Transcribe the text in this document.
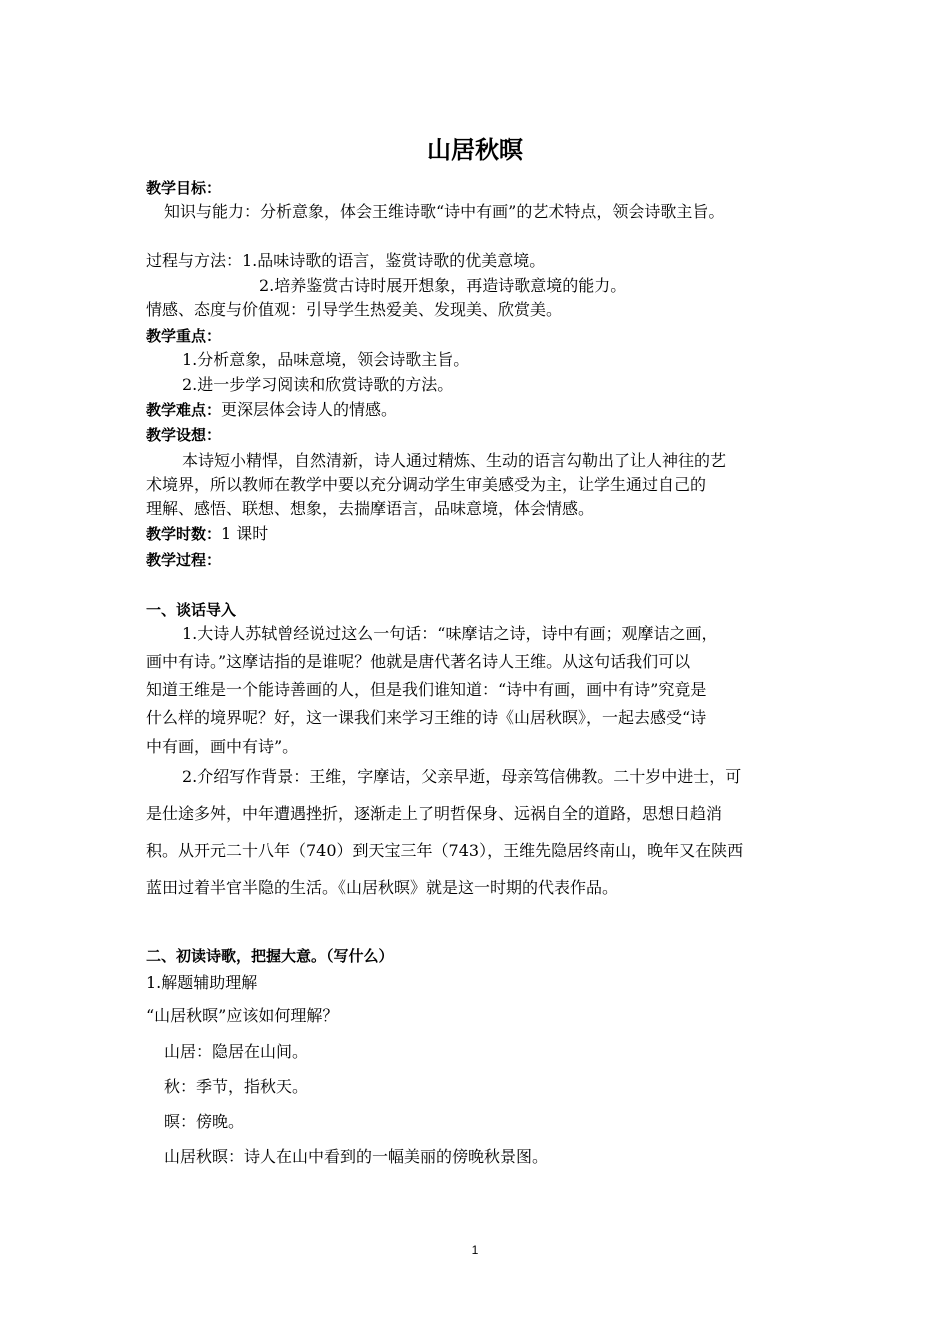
山居秋暝
教学目标：
知识与能力：分析意象，体会王维诗歌“诗中有画”的艺术特点，领会诗歌主旨。
过程与方法：1.品味诗歌的语言，鉴赏诗歌的优美意境。
2.培养鉴赏古诗时展开想象，再造诗歌意境的能力。
情感、态度与价值观：引导学生热爱美、发现美、欣赏美。
教学重点：
1.分析意象，品味意境，领会诗歌主旨。
2.进一步学习阅读和欣赏诗歌的方法。
教学难点：更深层体会诗人的情感。
教学设想：
本诗短小精悍，自然清新，诗人通过精炼、生动的语言勾勒出了让人神往的艺
术境界，所以教师在教学中要以充分调动学生审美感受为主，让学生通过自己的
理解、感悟、联想、想象，去揣摩语言，品味意境，体会情感。
教学时数：1 课时
教学过程：
一、谈话导入
1.大诗人苏轼曾经说过这么一句话：“味摩诘之诗，诗中有画；观摩诘之画，
画中有诗。”这摩诘指的是谁呢？他就是唐代著名诗人王维。从这句话我们可以
知道王维是一个能诗善画的人，但是我们谁知道：“诗中有画，画中有诗”究竟是
什么样的境界呢？好，这一课我们来学习王维的诗《山居秋暝》，一起去感受“诗
中有画，画中有诗”。
2.介绍写作背景：王维，字摩诘，父亲早逝，母亲笃信佛教。二十岁中进士，可
是仕途多舛，中年遭遇挫折，逐渐走上了明哲保身、远祸自全的道路，思想日趋消
积。从开元二十八年（740）到天宝三年（743），王维先隐居终南山，晚年又在陕西
蓝田过着半官半隐的生活。《山居秋暝》就是这一时期的代表作品。
二、初读诗歌，把握大意。（写什么）
1.解题辅助理解
“山居秋暝”应该如何理解？
山居：隐居在山间。
秋：季节，指秋天。
暝：傍晚。
山居秋暝：诗人在山中看到的一幅美丽的傍晚秋景图。
1
